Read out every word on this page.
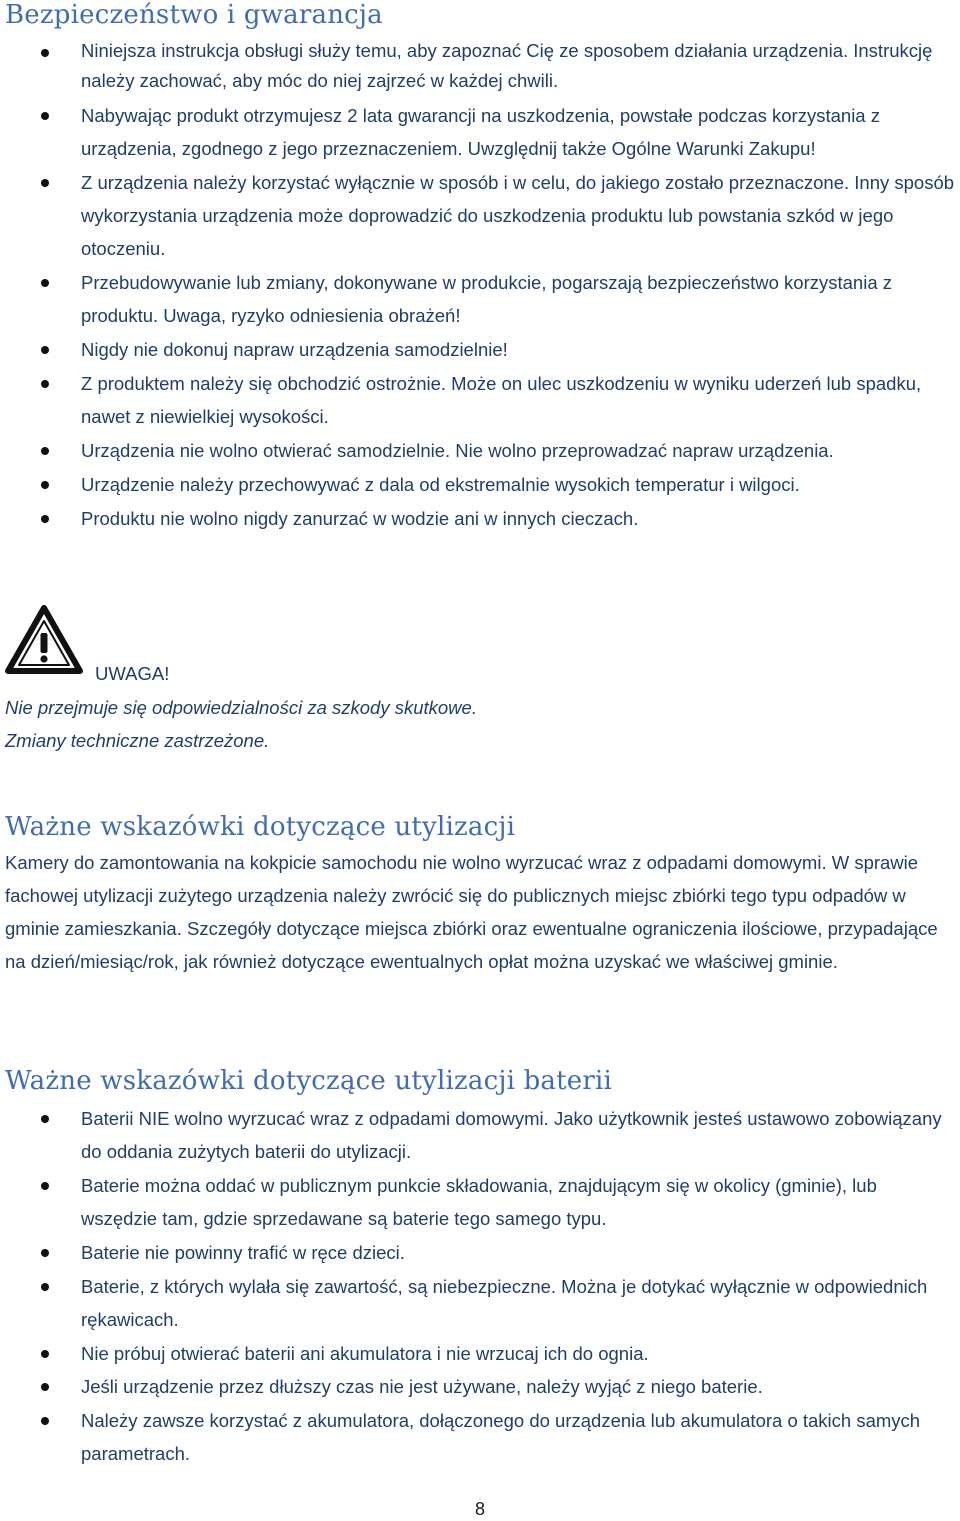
Bezpieczeństwo i gwarancja
Niniejsza instrukcja obsługi służy temu, aby zapoznać Cię ze sposobem działania urządzenia. Instrukcję należy zachować, aby móc do niej zajrzeć w każdej chwili.
Nabywając produkt otrzymujesz 2 lata gwarancji na uszkodzenia, powstałe podczas korzystania z urządzenia, zgodnego z jego przeznaczeniem. Uwzględnij także Ogólne Warunki Zakupu!
Z urządzenia należy korzystać wyłącznie w sposób i w celu, do jakiego zostało przeznaczone. Inny sposób wykorzystania urządzenia może doprowadzić do uszkodzenia produktu lub powstania szkód w jego otoczeniu.
Przebudowywanie lub zmiany, dokonywane w produkcie, pogarszają bezpieczeństwo korzystania z produktu. Uwaga, ryzyko odniesienia obrażeń!
Nigdy nie dokonuj napraw urządzenia samodzielnie!
Z produktem należy się obchodzić ostrożnie. Może on ulec uszkodzeniu w wyniku uderzeń lub spadku, nawet z niewielkiej wysokości.
Urządzenia nie wolno otwierać samodzielnie. Nie wolno przeprowadzać napraw urządzenia.
Urządzenie należy przechowywać z dala od ekstremalnie wysokich temperatur i wilgoci.
Produktu nie wolno nigdy zanurzać w wodzie ani w innych cieczach.
UWAGA!
Nie przejmuje się odpowiedzialności za szkody skutkowe.
Zmiany techniczne zastrzeżone.
Ważne wskazówki dotyczące utylizacji

Kamery do zamontowania na kokpicie samochodu nie wolno wyrzucać wraz z odpadami domowymi. W sprawie fachowej utylizacji zużytego urządzenia należy zwrócić się do publicznych miejsc zbiórki tego typu odpadów w gminie zamieszkania. Szczegóły dotyczące miejsca zbiórki oraz ewentualne ograniczenia ilościowe, przypadające na dzień/miesiąc/rok, jak również dotyczące ewentualnych opłat można uzyskać we właściwej gminie.

Ważne wskazówki dotyczące utylizacji baterii
Baterii NIE wolno wyrzucać wraz z odpadami domowymi. Jako użytkownik jesteś ustawowo zobowiązany do oddania zużytych baterii do utylizacji.
Baterie można oddać w publicznym punkcie składowania, znajdującym się w okolicy (gminie), lub wszędzie tam, gdzie sprzedawane są baterie tego samego typu.
Baterie nie powinny trafić w ręce dzieci.
Baterie, z których wylała się zawartość, są niebezpieczne. Można je dotykać wyłącznie w odpowiednich rękawicach.
Nie próbuj otwierać baterii ani akumulatora i nie wrzucaj ich do ognia.
Jeśli urządzenie przez dłuższy czas nie jest używane, należy wyjąć z niego baterie.
Należy zawsze korzystać z akumulatora, dołączonego do urządzenia lub akumulatora o takich samych parametrach.
8
